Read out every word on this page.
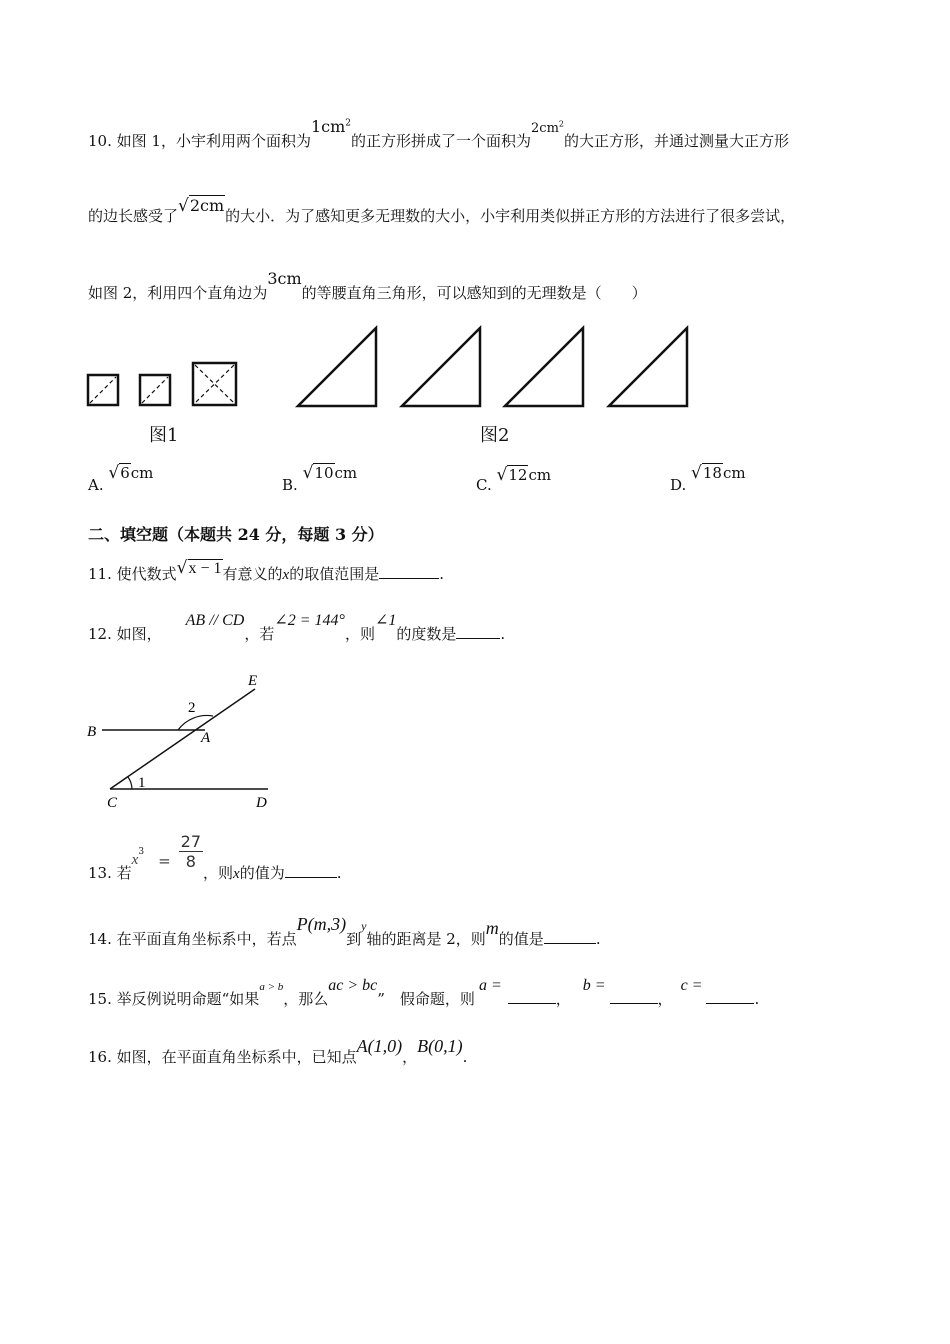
10. 如图 1，小宇利用两个面积为$1cm^2$的正方形拼成了一个面积为$2cm^2$的大正方形，并通过测量大正方形
的边长感受了√2cm的大小．为了感知更多无理数的大小，小宇利用类似拼正方形的方法进行了很多尝试，
如图 2，利用四个直角边为3cm的等腰直角三角形，可以感知到的无理数是（　　）
图1	图2
A. √6cm
B. √10cm
C. √12cm
D. √18cm
二、填空题（本题共 24 分，每题 3 分）
11. 使代数式√x − 1有意义的x的取值范围是	.
12. 如图，AB // CD，若∠2 = 144°，则∠1的度数是	.
E
B	A
C	D
2
1
13. 若$x^3 = \frac{27}{8}$
，则x的值为	.
14. 在平面直角坐标系中，若点P(m,3)到$^y$轴的距离是 2，则m的值是	.
15. 举反例说明命题“如果$^{a > b}$，那么ac > bc”　假命题，则a =，b =，c =.
16. 如图，在平面直角坐标系中，已知点A(1,0)，B(0,1).
